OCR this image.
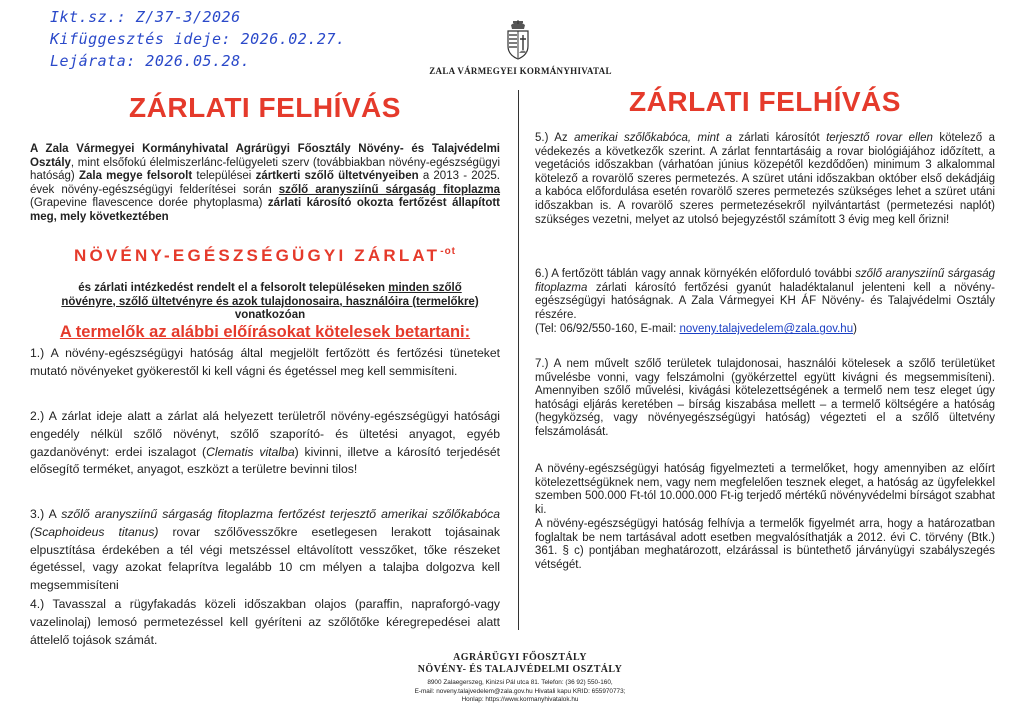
Ikt.sz.: Z/37-3/2026
Kifüggesztés ideje: 2026.02.27.
Lejárata: 2026.05.28.
ZALA VÁRMEGYEI KORMÁNYHIVATAL
ZÁRLATI FELHÍVÁS
A Zala Vármegyei Kormányhivatal Agrárügyi Főosztály Növény- és Talajvédelmi Osztály, mint elsőfokú élelmiszerlánc-felügyeleti szerv (továbbiakban növény-egészségügyi hatóság) Zala megye felsorolt települései zártkerti szőlő ültetvényeiben a 2013 - 2025. évek növény-egészségügyi felderítései során szőlő aranysziínű sárgaság fitoplazma (Grapevine flavescence dorée phytoplasma) zárlati károsító okozta fertőzést állapított meg, mely következtében
NÖVÉNY-EGÉSZSÉGÜGYI $ZÁRLAT^{-ot}$
és zárlati intézkedést rendelt el a felsorolt településeken minden szőlő növényre, szőlő ültetvényre és azok tulajdonosaira, használóira (termelőkre) vonatkozóan
A termelők az alábbi előírásokat kötelesek betartani:
1.) A növény-egészségügyi hatóság által megjelölt fertőzött és fertőzési tüneteket mutató növényeket gyökerestől ki kell vágni és égetéssel meg kell semmisíteni.
2.) A zárlat ideje alatt a zárlat alá helyezett területről növény-egészségügyi hatósági engedély nélkül szőlő növényt, szőlő szaporító- és ültetési anyagot, egyéb gazdanövényt: erdei iszalagot (Clematis vitalba) kivinni, illetve a károsító terjedését elősegítő terméket, anyagot, eszközt a területre bevinni tilos!
3.) A szőlő aranysziínű sárgaság fitoplazma fertőzést terjesztő amerikai szőlőkabóca (Scaphoideus titanus) rovar szőlővesszőkre esetlegesen lerakott tojásainak elpusztítása érdekében a tél végi metszéssel eltávolított vesszőket, tőke részeket égetéssel, vagy azokat felaprítva legalább 10 cm mélyen a talajba dolgozva kell megsemmisíteni
4.) Tavasszal a rügyfakadás közeli időszakban olajos (paraffin, napraforgó-vagy vazelinolaj) lemosó permetezéssel kell gyéríteni az szőlőtőke kéregrepedései alatt áttelelő tojások számát.
ZÁRLATI FELHÍVÁS
5.) Az amerikai szőlőkabóca, mint a zárlati károsítót terjesztő rovar ellen kötelező a védekezés a következők szerint. A zárlat fenntartásáig a rovar biológiájához időzített, a vegetációs időszakban (várhatóan június közepétől kezdődően) minimum 3 alkalommal kötelező a rovarölő szeres permetezés. A szüret utáni időszakban október első dekádjáig a kabóca előfordulása esetén rovarölő szeres permetezés szükséges lehet a szüret utáni időszakban is. A rovarölő szeres permetezésekről nyilvántartást (permetezési naplót) szükséges vezetni, melyet az utolsó bejegyzéstől számított 3 évig meg kell őrizni!
6.) A fertőzött táblán vagy annak környékén előforduló további szőlő aranysziínű sárgaság fitoplazma zárlati károsító fertőzési gyanút haladéktalanul jelenteni kell a növény-egészségügyi hatóságnak. A Zala Vármegyei KH ÁF Növény- és Talajvédelmi Osztály részére.
(Tel: 06/92/550-160, E-mail: noveny.talajvedelem@zala.gov.hu)
7.) A nem művelt szőlő területek tulajdonosai, használói kötelesek a szőlő területüket művelésbe vonni, vagy felszámolni (gyökérzettel együtt kivágni és megsemmisíteni). Amennyiben szőlő művelési, kivágási kötelezettségének a termelő nem tesz eleget úgy hatósági eljárás keretében – bírság kiszabása mellett – a termelő költségére a hatóság (hegyközség, vagy növényegészségügyi hatóság) végezteti el a szőlő ültetvény felszámolását.
A növény-egészségügyi hatóság figyelmezteti a termelőket, hogy amennyiben az előírt kötelezettségüknek nem, vagy nem megfelelően tesznek eleget, a hatóság az ügyfelekkel szemben 500.000 Ft-tól 10.000.000 Ft-ig terjedő mértékű növényvédelmi bírságot szabhat ki.
A növény-egészségügyi hatóság felhívja a termelők figyelmét arra, hogy a határozatban foglaltak be nem tartásával adott esetben megvalósíthatják a 2012. évi C. törvény (Btk.) 361. § c) pontjában meghatározott, elzárással is büntethető járványügyi szabályszegés vétségét.
AGRÁRÜGYI FŐOSZTÁLY
NÖVÉNY- ÉS TALAJVÉDELMI OSZTÁLY
8900 Zalaegerszeg, Kinizsi Pál utca 81. Telefon: (36 92) 550-160,
E-mail: noveny.talajvedelem@zala.gov.hu Hivatali kapu KRID: 655970773;
Honlap: https://www.kormanyhivatalok.hu
